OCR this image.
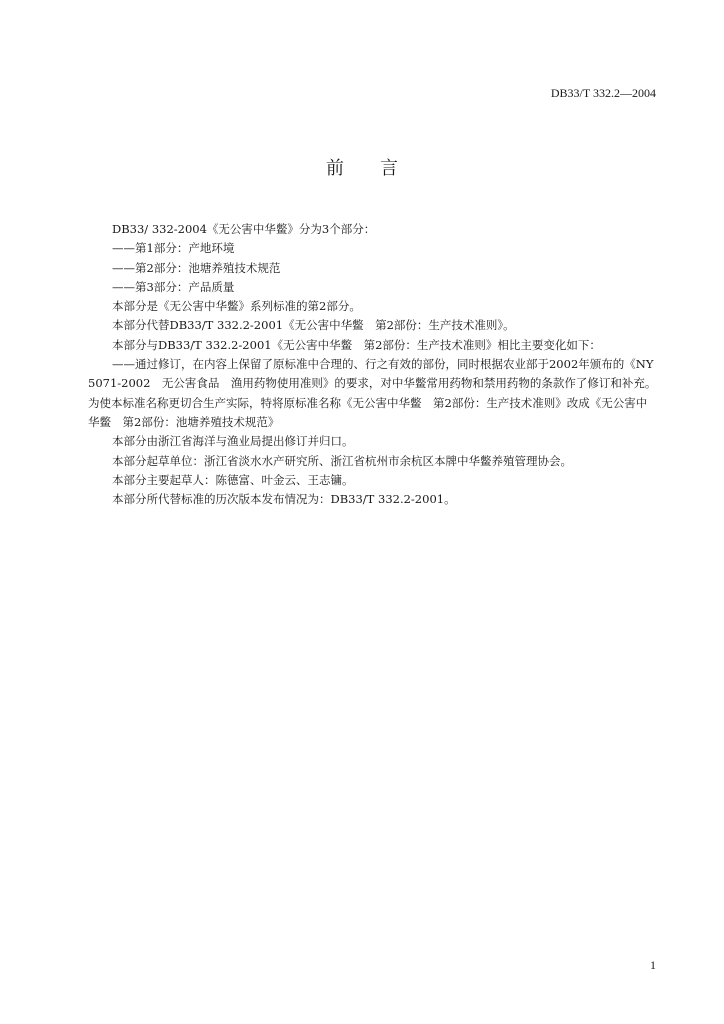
DB33/T 332.2—2004
前言

DB33/ 332-2004《无公害中华鳖》分为3个部分：

——第1部分：产地环境

——第2部分：池塘养殖技术规范

——第3部分：产品质量

本部分是《无公害中华鳖》系列标准的第2部分。

本部分代替DB33/T 332.2-2001《无公害中华鳖　第2部份：生产技术准则》。

本部分与DB33/T 332.2-2001《无公害中华鳖　第2部份：生产技术准则》相比主要变化如下：

——通过修订，在内容上保留了原标准中合理的、行之有效的部份，同时根据农业部于2002年颁布的《NY5071-2002　无公害食品　渔用药物使用准则》的要求，对中华鳖常用药物和禁用药物的条款作了修订和补充。为使本标准名称更切合生产实际，特将原标准名称《无公害中华鳖　第2部份：生产技术准则》改成《无公害中华鳖　第2部份：池塘养殖技术规范》

本部分由浙江省海洋与渔业局提出修订并归口。

本部分起草单位：浙江省淡水水产研究所、浙江省杭州市余杭区本牌中华鳖养殖管理协会。

本部分主要起草人：陈德富、叶金云、王志镛。

本部分所代替标准的历次版本发布情况为：DB33/T 332.2-2001。

1
